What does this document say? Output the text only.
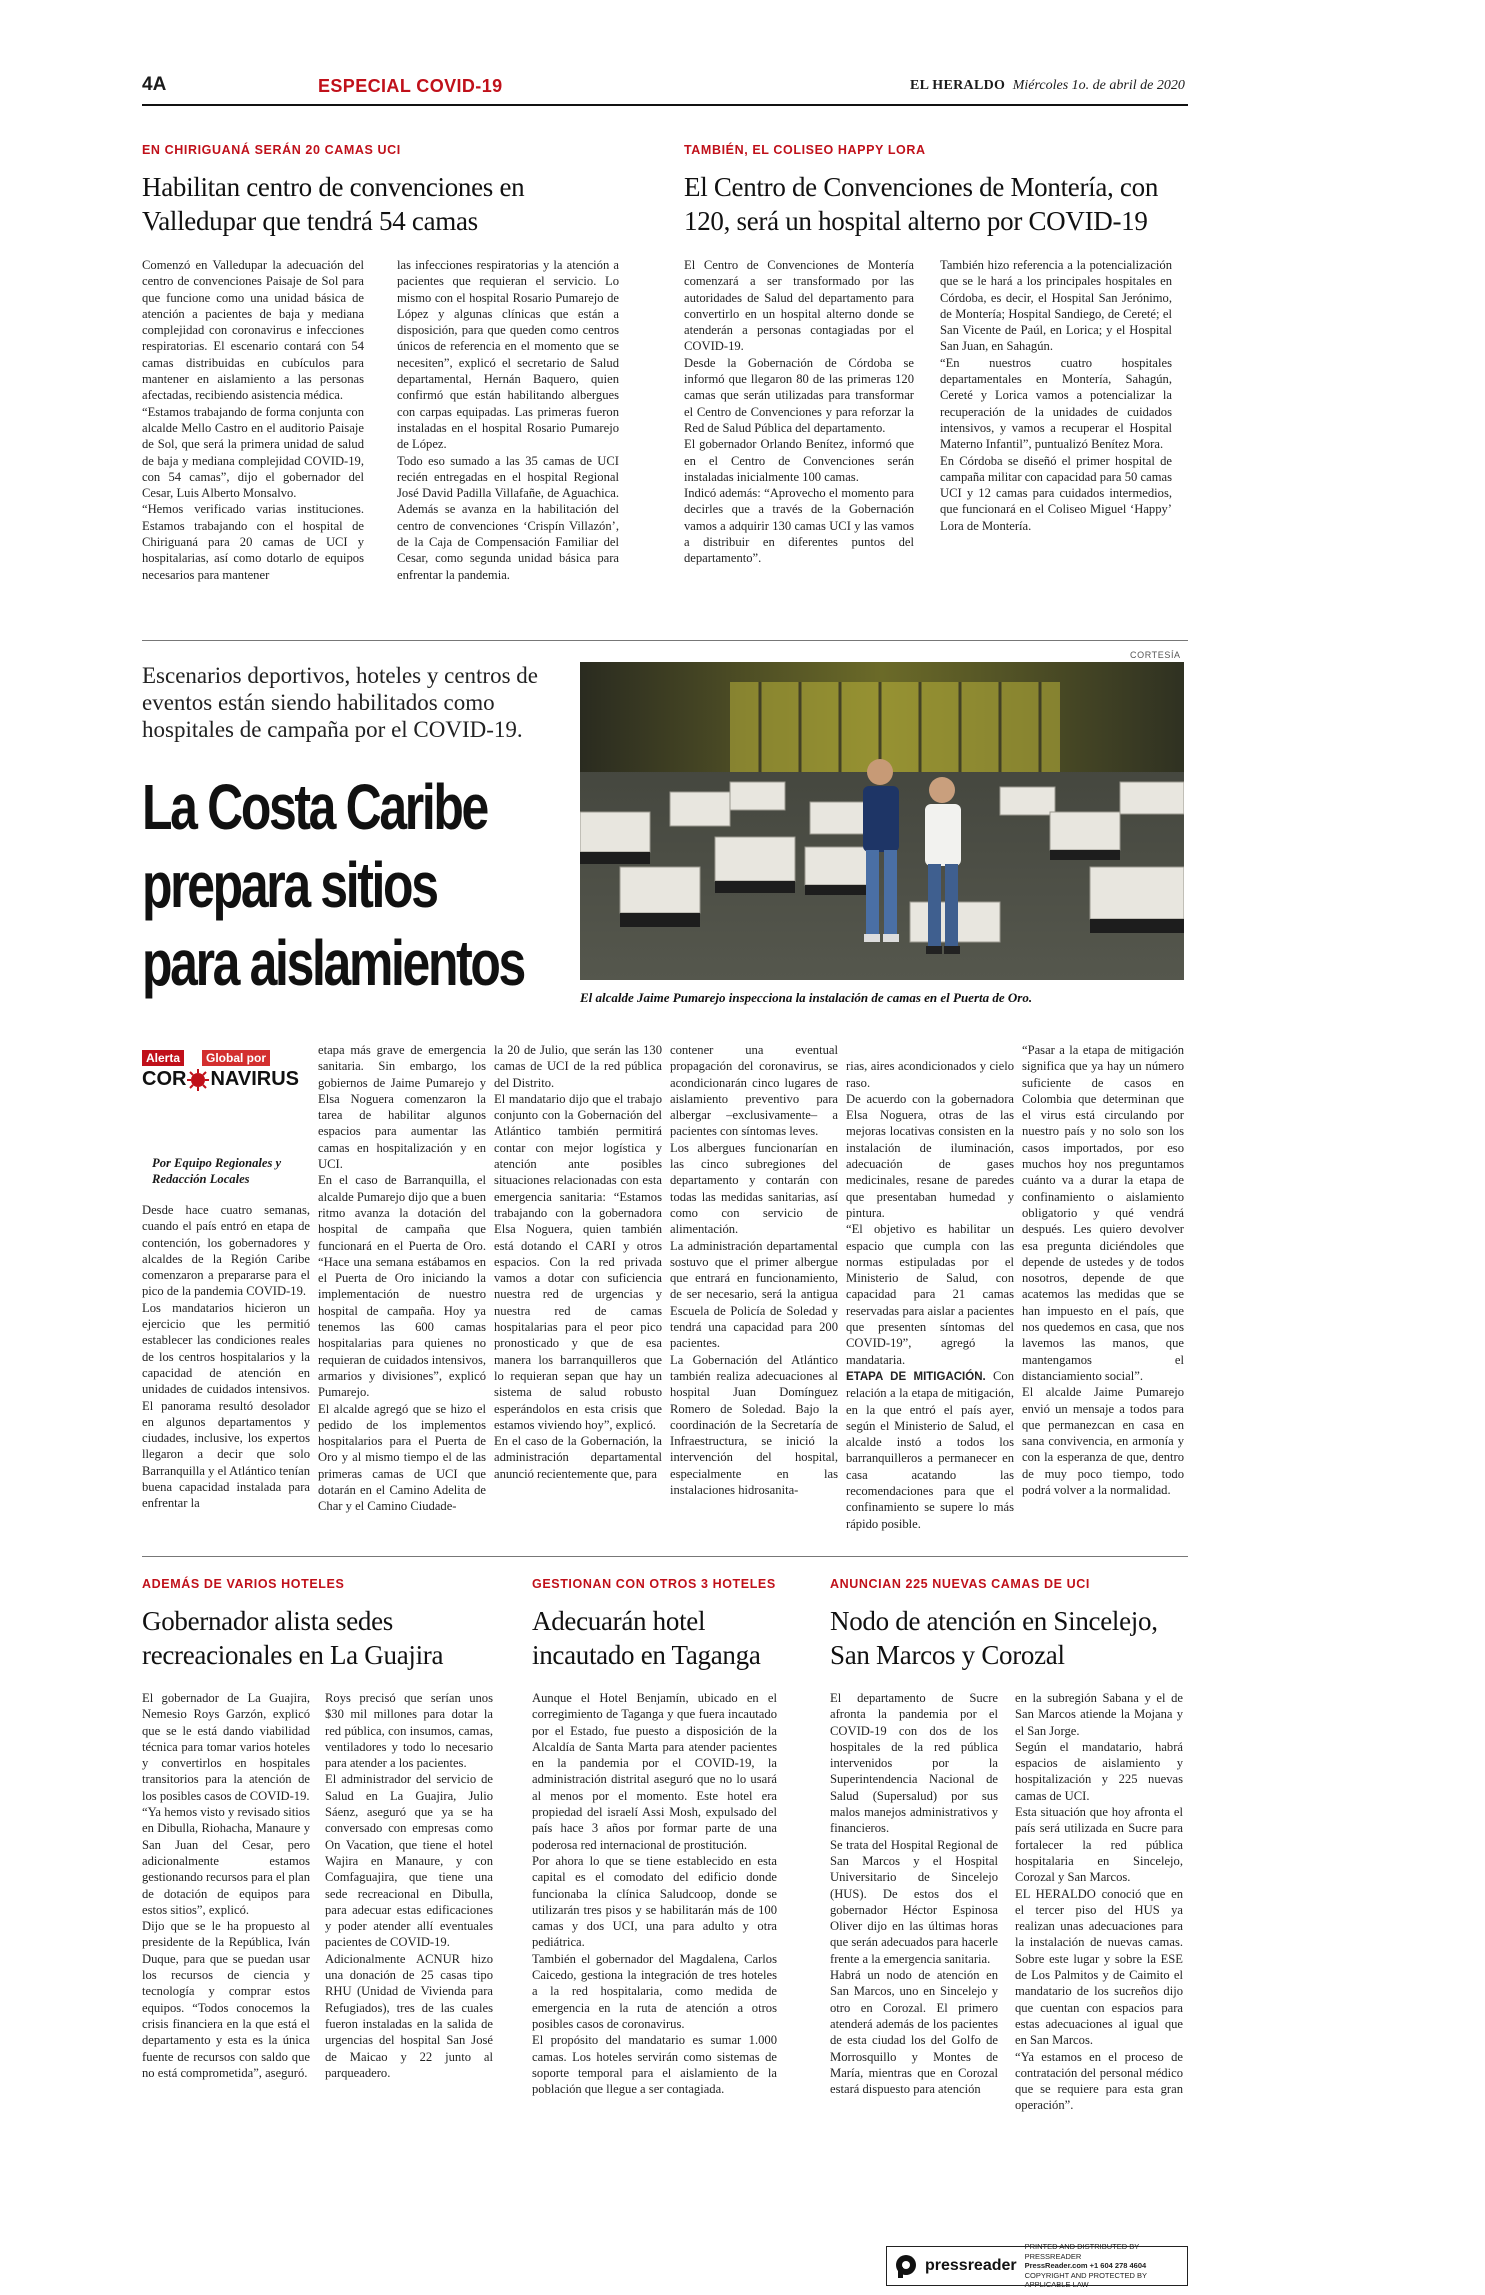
4A	ESPECIAL COVID-19	EL HERALDO Miércoles 1o. de abril de 2020
EN CHIRIGUANÁ SERÁN 20 CAMAS UCI
Habilitan centro de convenciones en Valledupar que tendrá 54 camas
Comenzó en Valledupar la adecuación del centro de convenciones Paisaje de Sol para que funcione como una unidad básica de atención a pacientes de baja y mediana complejidad con coronavirus e infecciones respiratorias. El escenario contará con 54 camas distribuidas en cubículos para mantener en aislamiento a las personas afectadas, recibiendo asistencia médica.
“Estamos trabajando de forma conjunta con alcalde Mello Castro en el auditorio Paisaje de Sol, que será la primera unidad de salud de baja y mediana complejidad COVID-19, con 54 camas”, dijo el gobernador del Cesar, Luis Alberto Monsalvo.
“Hemos verificado varias instituciones. Estamos trabajando con el hospital de Chiriguaná para 20 camas de UCI y hospitalarias, así como dotarlo de equipos necesarios para mantener
las infecciones respiratorias y la atención a pacientes que requieran el servicio. Lo mismo con el hospital Rosario Pumarejo de López y algunas clínicas que están a disposición, para que queden como centros únicos de referencia en el momento que se necesiten”, explicó el secretario de Salud departamental, Hernán Baquero, quien confirmó que están habilitando albergues con carpas equipadas. Las primeras fueron instaladas en el hospital Rosario Pumarejo de López.
Todo eso sumado a las 35 camas de UCI recién entregadas en el hospital Regional José David Padilla Villafañe, de Aguachica. Además se avanza en la habilitación del centro de convenciones ‘Crispín Villazón’, de la Caja de Compensación Familiar del Cesar, como segunda unidad básica para enfrentar la pandemia.
TAMBIÉN, EL COLISEO HAPPY LORA
El Centro de Convenciones de Montería, con 120, será un hospital alterno por COVID-19
El Centro de Convenciones de Montería comenzará a ser transformado por las autoridades de Salud del departamento para convertirlo en un hospital alterno donde se atenderán a personas contagiadas por el COVID-19.
Desde la Gobernación de Córdoba se informó que llegaron 80 de las primeras 120 camas que serán utilizadas para transformar el Centro de Convenciones y para reforzar la Red de Salud Pública del departamento.
El gobernador Orlando Benítez, informó que en el Centro de Convenciones serán instaladas inicialmente 100 camas.
Indicó además: “Aprovecho el momento para decirles que a través de la Gobernación vamos a adquirir 130 camas UCI y las vamos a distribuir en diferentes puntos del departamento”.
También hizo referencia a la potencialización que se le hará a los principales hospitales en Córdoba, es decir, el Hospital San Jerónimo, de Montería; Hospital Sandiego, de Cereté; el San Vicente de Paúl, en Lorica; y el Hospital San Juan, en Sahagún.
“En nuestros cuatro hospitales departamentales en Montería, Sahagún, Cereté y Lorica vamos a potencializar la recuperación de la unidades de cuidados intensivos, y vamos a recuperar el Hospital Materno Infantil”, puntualizó Benítez Mora.
En Córdoba se diseñó el primer hospital de campaña militar con capacidad para 50 camas UCI y 12 camas para cuidados intermedios, que funcionará en el Coliseo Miguel ‘Happy’ Lora de Montería.
Escenarios deportivos, hoteles y centros de eventos están siendo habilitados como hospitales de campaña por el COVID-19.
La Costa Caribe
prepara sitios
para aislamientos
CORTESÍA
El alcalde Jaime Pumarejo inspecciona la instalación de camas en el Puerta de Oro.
Alerta	Global por
COR NAVIRUS
Por Equipo Regionales y Redacción Locales
Desde hace cuatro semanas, cuando el país entró en etapa de contención, los gobernadores y alcaldes de la Región Caribe comenzaron a prepararse para el pico de la pandemia COVID-19.
Los mandatarios hicieron un ejercicio que les permitió establecer las condiciones reales de los centros hospitalarios y la capacidad de atención en unidades de cuidados intensivos. El panorama resultó desolador en algunos departamentos y ciudades, inclusive, los expertos llegaron a decir que solo Barranquilla y el Atlántico tenían buena capacidad instalada para enfrentar la
etapa más grave de emergencia sanitaria. Sin embargo, los gobiernos de Jaime Pumarejo y Elsa Noguera comenzaron la tarea de habilitar algunos espacios para aumentar las camas en hospitalización y en UCI.
En el caso de Barranquilla, el alcalde Pumarejo dijo que a buen ritmo avanza la dotación del hospital de campaña que funcionará en el Puerta de Oro. “Hace una semana estábamos en el Puerta de Oro iniciando la implementación de nuestro hospital de campaña. Hoy ya tenemos las 600 camas hospitalarias para quienes no requieran de cuidados intensivos, armarios y divisiones”, explicó Pumarejo.
El alcalde agregó que se hizo el pedido de los implementos hospitalarios para el Puerta de Oro y al mismo tiempo el de las primeras camas de UCI que dotarán en el Camino Adelita de Char y el Camino Ciudade-
la 20 de Julio, que serán las 130 camas de UCI de la red pública del Distrito.
El mandatario dijo que el trabajo conjunto con la Gobernación del Atlántico también permitirá contar con mejor logística y atención ante posibles situaciones relacionadas con esta emergencia sanitaria: “Estamos trabajando con la gobernadora Elsa Noguera, quien también está dotando el CARI y otros espacios. Con la red privada vamos a dotar con suficiencia nuestra red de urgencias y nuestra red de camas hospitalarias para el peor pico pronosticado y que de esa manera los barranquilleros que lo requieran sepan que hay un sistema de salud robusto esperándolos en esta crisis que estamos viviendo hoy”, explicó.
En el caso de la Gobernación, la administración departamental anunció recientemente que, para
contener una eventual propagación del coronavirus, se acondicionarán cinco lugares de aislamiento preventivo para albergar –exclusivamente– a pacientes con síntomas leves.
Los albergues funcionarían en las cinco subregiones del departamento y contarán con todas las medidas sanitarias, así como con servicio de alimentación.
La administración departamental sostuvo que el primer albergue que entrará en funcionamiento, de ser necesario, será la antigua Escuela de Policía de Soledad y tendrá una capacidad para 200 pacientes.
La Gobernación del Atlántico también realiza adecuaciones al hospital Juan Domínguez Romero de Soledad. Bajo la coordinación de la Secretaría de Infraestructura, se inició la intervención del hospital, especialmente en las instalaciones hidrosanita-

rias, aires acondicionados y cielo raso.
De acuerdo con la gobernadora Elsa Noguera, otras de las mejoras locativas consisten en la instalación de iluminación, adecuación de gases medicinales, resane de paredes que presentaban humedad y pintura.
“El objetivo es habilitar un espacio que cumpla con las normas estipuladas por el Ministerio de Salud, con capacidad para 21 camas reservadas para aislar a pacientes que presenten síntomas del COVID-19”, agregó la mandataria.
ETAPA DE MITIGACIÓN. Con relación a la etapa de mitigación, en la que entró el país ayer, según el Ministerio de Salud, el alcalde instó a todos los barranquilleros a permanecer en casa acatando las recomendaciones para que el confinamiento se supere lo más rápido posible.

“Pasar a la etapa de mitigación significa que ya hay un número suficiente de casos en Colombia que determinan que el virus está circulando por nuestro país y no solo son los casos importados, por eso muchos hoy nos preguntamos cuánto va a durar la etapa de confinamiento o aislamiento obligatorio y qué vendrá después. Les quiero devolver esa pregunta diciéndoles que depende de ustedes y de todos nosotros, depende de que acatemos las medidas que se han impuesto en el país, que nos quedemos en casa, que nos lavemos las manos, que mantengamos el distanciamiento social”.
El alcalde Jaime Pumarejo envió un mensaje a todos para que permanezcan en casa en sana convivencia, en armonía y con la esperanza de que, dentro de muy poco tiempo, todo podrá volver a la normalidad.
ADEMÁS DE VARIOS HOTELES
Gobernador alista sedes recreacionales en La Guajira
El gobernador de La Guajira, Nemesio Roys Garzón, explicó que se le está dando viabilidad técnica para tomar varios hoteles y convertirlos en hospitales transitorios para la atención de los posibles casos de COVID-19.
“Ya hemos visto y revisado sitios en Dibulla, Riohacha, Manaure y San Juan del Cesar, pero adicionalmente estamos gestionando recursos para el plan de dotación de equipos para estos sitios”, explicó.
Dijo que se le ha propuesto al presidente de la República, Iván Duque, para que se puedan usar los recursos de ciencia y tecnología y comprar estos equipos. “Todos conocemos la crisis financiera en la que está el departamento y esta es la única fuente de recursos con saldo que no está comprometida”, aseguró.
Roys precisó que serían unos $30 mil millones para dotar la red pública, con insumos, camas, ventiladores y todo lo necesario para atender a los pacientes.
El administrador del servicio de Salud en La Guajira, Julio Sáenz, aseguró que ya se ha conversado con empresas como On Vacation, que tiene el hotel Wajira en Manaure, y con Comfaguajira, que tiene una sede recreacional en Dibulla, para adecuar estas edificaciones y poder atender allí eventuales pacientes de COVID-19.
Adicionalmente ACNUR hizo una donación de 25 casas tipo RHU (Unidad de Vivienda para Refugiados), tres de las cuales fueron instaladas en la salida de urgencias del hospital San José de Maicao y 22 junto al parqueadero.
GESTIONAN CON OTROS 3 HOTELES
Adecuarán hotel incautado en Taganga
Aunque el Hotel Benjamín, ubicado en el corregimiento de Taganga y que fuera incautado por el Estado, fue puesto a disposición de la Alcaldía de Santa Marta para atender pacientes en la pandemia por el COVID-19, la administración distrital aseguró que no lo usará al menos por el momento. Este hotel era propiedad del israelí Assi Mosh, expulsado del país hace 3 años por formar parte de una poderosa red internacional de prostitución.
Por ahora lo que se tiene establecido en esta capital es el comodato del edificio donde funcionaba la clínica Saludcoop, donde se utilizarán tres pisos y se habilitarán más de 100 camas y dos UCI, una para adulto y otra pediátrica.
También el gobernador del Magdalena, Carlos Caicedo, gestiona la integración de tres hoteles a la red hospitalaria, como medida de emergencia en la ruta de atención a otros posibles casos de coronavirus.
El propósito del mandatario es sumar 1.000 camas. Los hoteles servirán como sistemas de soporte temporal para el aislamiento de la población que llegue a ser contagiada.
ANUNCIAN 225 NUEVAS CAMAS DE UCI
Nodo de atención en Sincelejo, San Marcos y Corozal
El departamento de Sucre afronta la pandemia por el COVID-19 con dos de los hospitales de la red pública intervenidos por la Superintendencia Nacional de Salud (Supersalud) por sus malos manejos administrativos y financieros.
Se trata del Hospital Regional de San Marcos y el Hospital Universitario de Sincelejo (HUS). De estos dos el gobernador Héctor Espinosa Oliver dijo en las últimas horas que serán adecuados para hacerle frente a la emergencia sanitaria.
Habrá un nodo de atención en San Marcos, uno en Sincelejo y otro en Corozal. El primero atenderá además de los pacientes de esta ciudad los del Golfo de Morrosquillo y Montes de María, mientras que en Corozal estará dispuesto para atención
en la subregión Sabana y el de San Marcos atiende la Mojana y el San Jorge.
Según el mandatario, habrá espacios de aislamiento y hospitalización y 225 nuevas camas de UCI.
Esta situación que hoy afronta el país será utilizada en Sucre para fortalecer la red pública hospitalaria en Sincelejo, Corozal y San Marcos.
EL HERALDO conoció que en el tercer piso del HUS ya realizan unas adecuaciones para la instalación de nuevas camas. Sobre este lugar y sobre la ESE de Los Palmitos y de Caimito el mandatario de los sucreños dijo que cuentan con espacios para estas adecuaciones al igual que en San Marcos.
“Ya estamos en el proceso de contratación del personal médico que se requiere para esta gran operación”.
pressreader
PRINTED AND DISTRIBUTED BY PRESSREADER
PressReader.com +1 604 278 4604
COPYRIGHT AND PROTECTED BY APPLICABLE LAW
